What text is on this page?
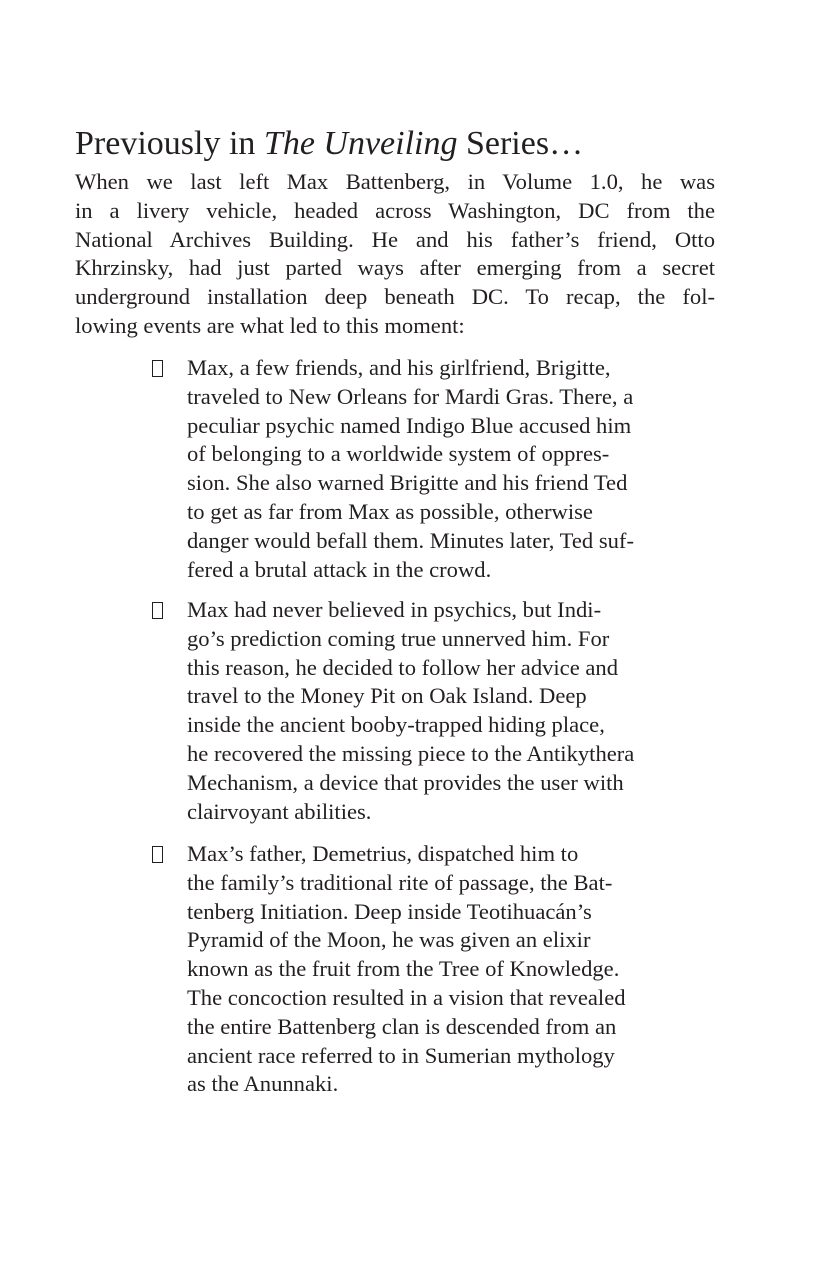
Previously in The Unveiling Series…

When we last left Max Battenberg, in Volume 1.0, he was
in a livery vehicle, headed across Washington, DC from the
National Archives Building. He and his father’s friend, Otto
Khrzinsky, had just parted ways after emerging from a secret
underground installation deep beneath DC. To recap, the fol-
lowing events are what led to this moment:

Max, a few friends, and his girlfriend, Brigitte,
traveled to New Orleans for Mardi Gras. There, a
peculiar psychic named Indigo Blue accused him
of belonging to a worldwide system of oppres-
sion. She also warned Brigitte and his friend Ted
to get as far from Max as possible, otherwise
danger would befall them. Minutes later, Ted suf-
fered a brutal attack in the crowd.
Max had never believed in psychics, but Indi-
go’s prediction coming true unnerved him. For
this reason, he decided to follow her advice and
travel to the Money Pit on Oak Island. Deep
inside the ancient booby-trapped hiding place,
he recovered the missing piece to the Antikythera
Mechanism, a device that provides the user with
clairvoyant abilities.
Max’s father, Demetrius, dispatched him to
the family’s traditional rite of passage, the Bat-
tenberg Initiation. Deep inside Teotihuacán’s
Pyramid of the Moon, he was given an elixir
known as the fruit from the Tree of Knowledge.
The concoction resulted in a vision that revealed
the entire Battenberg clan is descended from an
ancient race referred to in Sumerian mythology
as the Anunnaki.
